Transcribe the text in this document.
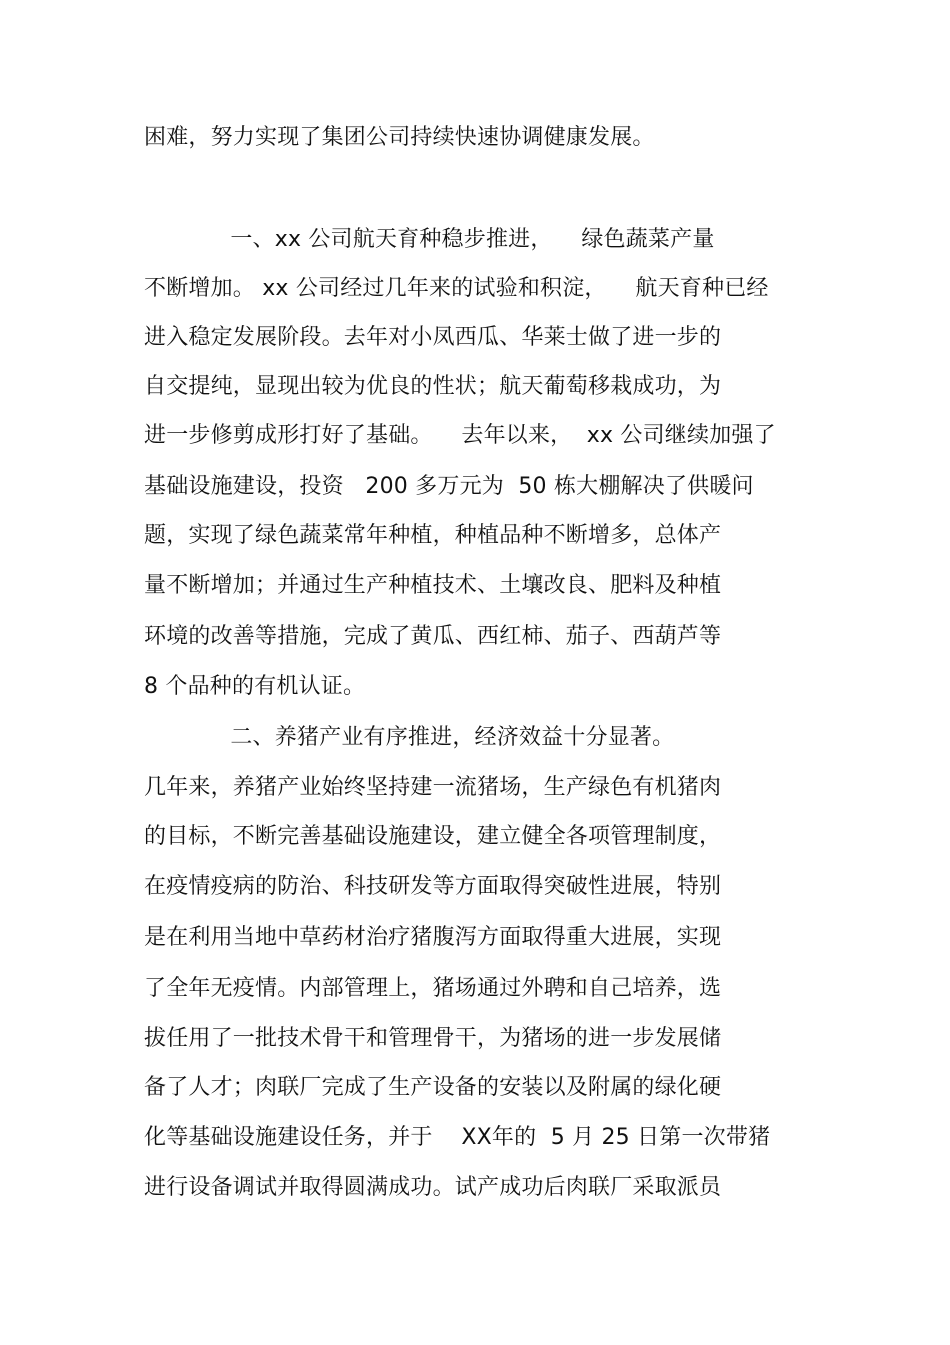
困难，努力实现了集团公司持续快速协调健康发展。
一、xx 公司航天育种稳步推进，    绿色蔬菜产量
不断增加。 xx 公司经过几年来的试验和积淀，    航天育种已经
进入稳定发展阶段。去年对小凤西瓜、华莱士做了进一步的
自交提纯，显现出较为优良的性状；航天葡萄移栽成功，为
进一步修剪成形打好了基础。    去年以来，  xx 公司继续加强了
基础设施建设，投资   200 多万元为  50 栋大棚解决了供暖问
题，实现了绿色蔬菜常年种植，种植品种不断增多，总体产
量不断增加；并通过生产种植技术、土壤改良、肥料及种植
环境的改善等措施，完成了黄瓜、西红柿、茄子、西葫芦等
8 个品种的有机认证。
二、养猪产业有序推进，经济效益十分显著。
几年来，养猪产业始终坚持建一流猪场，生产绿色有机猪肉
的目标，不断完善基础设施建设，建立健全各项管理制度，
在疫情疫病的防治、科技研发等方面取得突破性进展，特别
是在利用当地中草药材治疗猪腹泻方面取得重大进展，实现
了全年无疫情。内部管理上，猪场通过外聘和自己培养，选
拔任用了一批技术骨干和管理骨干，为猪场的进一步发展储
备了人才；肉联厂完成了生产设备的安装以及附属的绿化硬
化等基础设施建设任务，并于    XX年的  5 月 25 日第一次带猪
进行设备调试并取得圆满成功。试产成功后肉联厂采取派员
